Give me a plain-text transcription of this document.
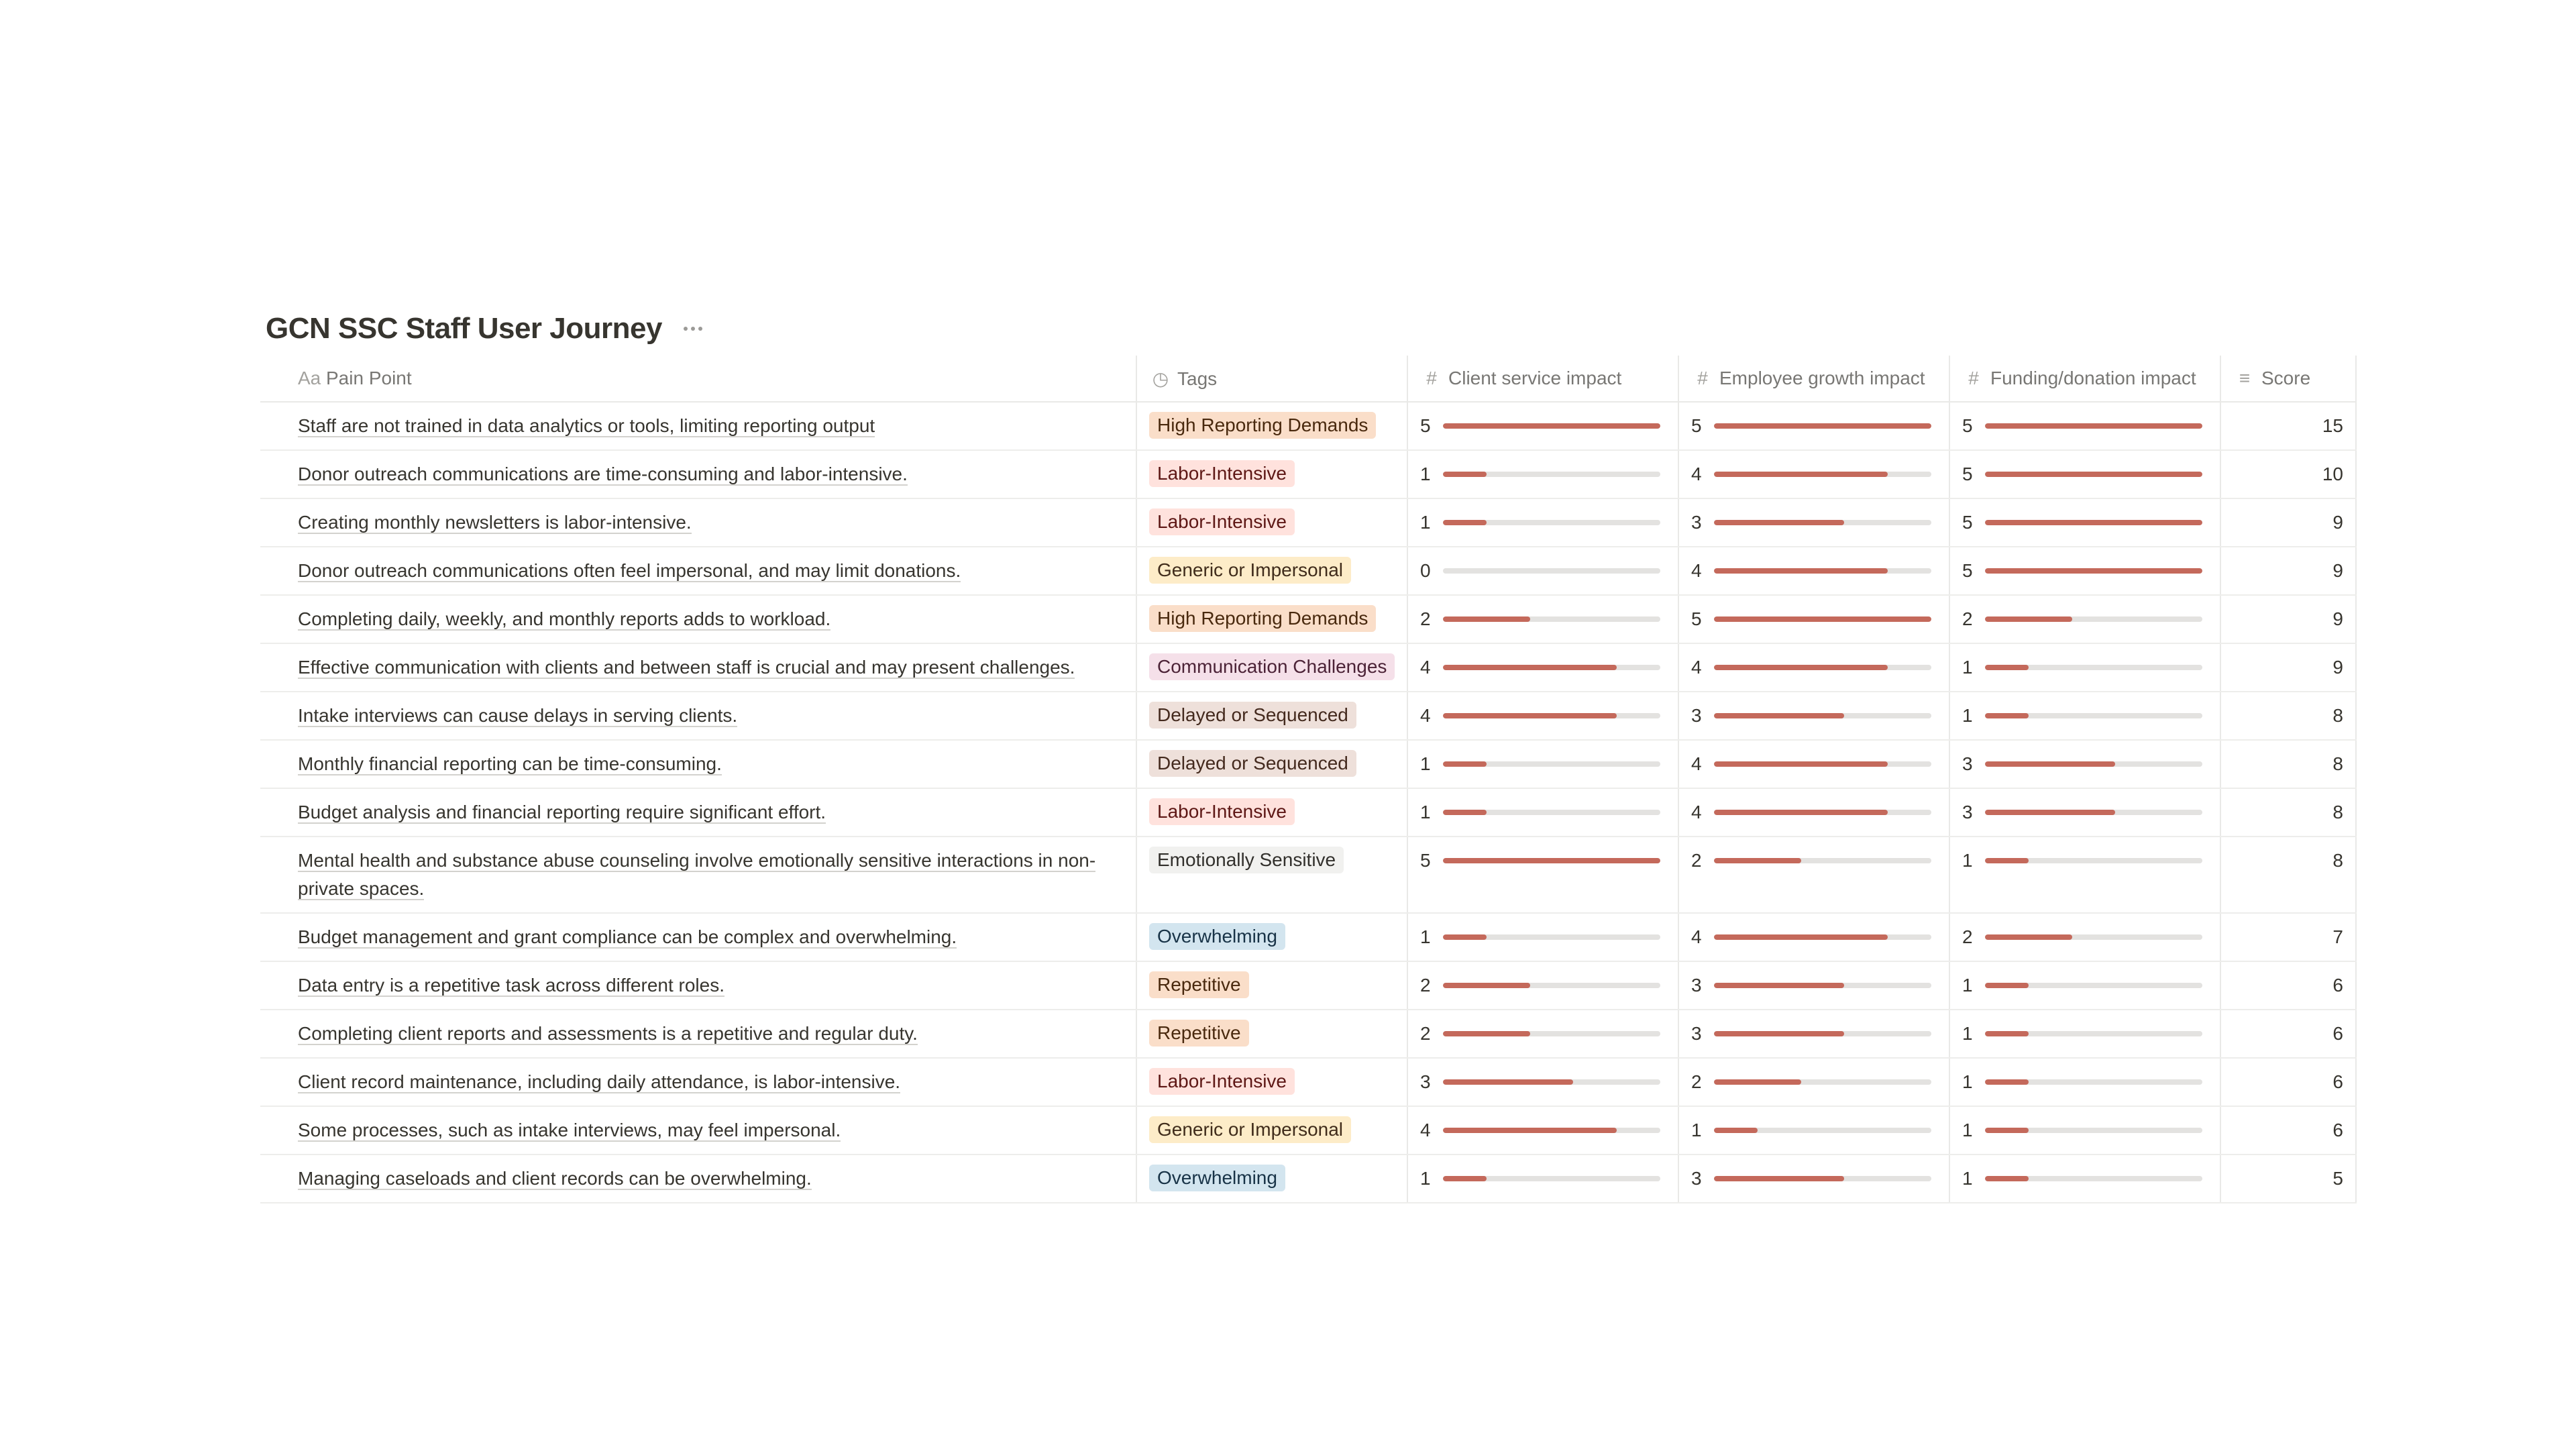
GCN SSC Staff User Journey
Aa Pain Point	◷ Tags	# Client service impact	# Employee growth impact	# Funding/donation impact	≡ Score
Staff are not trained in data analytics or tools, limiting reporting output	High Reporting Demands	5	5	5	15
Donor outreach communications are time-consuming and labor-intensive.	Labor-Intensive	1	4	5	10
Creating monthly newsletters is labor-intensive.	Labor-Intensive	1	3	5	9
Donor outreach communications often feel impersonal, and may limit donations.	Generic or Impersonal	0	4	5	9
Completing daily, weekly, and monthly reports adds to workload.	High Reporting Demands	2	5	2	9
Effective communication with clients and between staff is crucial and may present challenges.	Communication Challenges	4	4	1	9
Intake interviews can cause delays in serving clients.	Delayed or Sequenced	4	3	1	8
Monthly financial reporting can be time-consuming.	Delayed or Sequenced	1	4	3	8
Budget analysis and financial reporting require significant effort.	Labor-Intensive	1	4	3	8
Mental health and substance abuse counseling involve emotionally sensitive interactions in non-private spaces.	Emotionally Sensitive	5	2	1	8
Budget management and grant compliance can be complex and overwhelming.	Overwhelming	1	4	2	7
Data entry is a repetitive task across different roles.	Repetitive	2	3	1	6
Completing client reports and assessments is a repetitive and regular duty.	Repetitive	2	3	1	6
Client record maintenance, including daily attendance, is labor-intensive.	Labor-Intensive	3	2	1	6
Some processes, such as intake interviews, may feel impersonal.	Generic or Impersonal	4	1	1	6
Managing caseloads and client records can be overwhelming.	Overwhelming	1	3	1	5
